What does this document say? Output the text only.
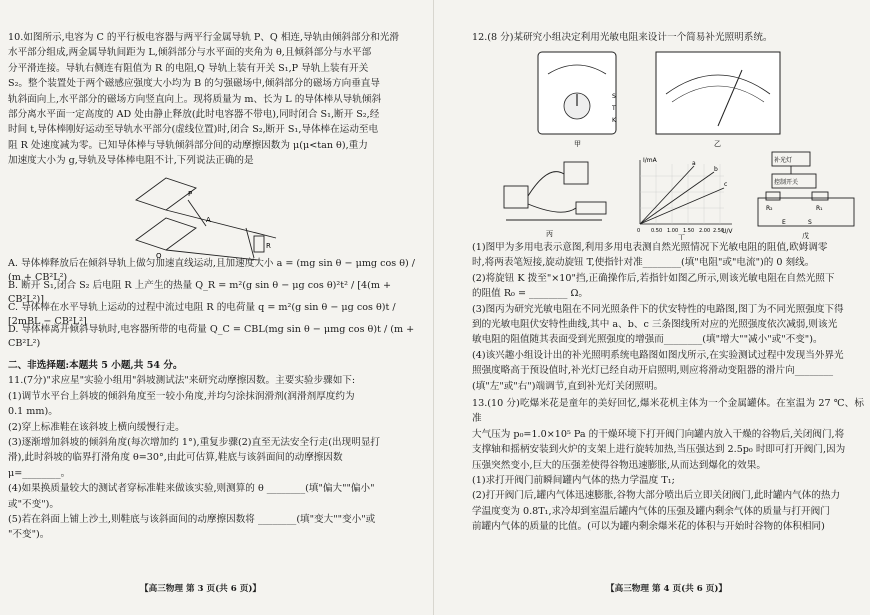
10.如图所示,电容为 C 的平行板电容器与两平行金属导轨 P、Q 相连,导轨由倾斜部分和光滑

水平部分组成,两金属导轨间距为 L,倾斜部分与水平面的夹角为 θ,且倾斜部分与水平部

分平滑连接。导轨右侧连有阻值为 R 的电阻,Q 导轨上装有开关 S₁,P 导轨上装有开关

S₂。整个装置处于两个磁感应强度大小均为 B 的匀强磁场中,倾斜部分的磁场方向垂直导

轨斜面向上,水平部分的磁场方向竖直向上。现将质量为 m、长为 L 的导体棒从导轨倾斜

部分离水平面一定高度的 AD 处由静止释放(此时电容器不带电),同时闭合 S₁,断开 S₂,经

时间 t,导体棒刚好运动至导轨水平部分(虚线位置)时,闭合 S₂,断开 S₁,导体棒在运动至电

阻 R 处速度减为零。已知导体棒与导轨倾斜部分间的动摩擦因数为 μ(μ<tan θ),重力

加速度大小为 g,导轨及导体棒电阻不计,下列说法正确的是

P
Q
A
R

A. 导体棒释放后在倾斜导轨上做匀加速直线运动,且加速度大小 a = (mg sin θ − μmg cos θ) / (m + CB²L²)

B. 断开 S₁,闭合 S₂ 后电阻 R 上产生的热量 Q_R = m²(g sin θ − μg cos θ)²t² / [4(m + CB²L²)]

C. 导体棒在水平导轨上运动的过程中流过电阻 R 的电荷量 q = m²(g sin θ − μg cos θ)t / [2mBL − CB²L²]

D. 导体棒离开倾斜导轨时,电容器所带的电荷量 Q_C = CBL(mg sin θ − μmg cos θ)t / (m + CB²L²)

二、非选择题:本题共 5 小题,共 54 分。

11.(7分)"求应星"实验小组用"斜坡测试法"来研究动摩擦因数。主要实验步骤如下:

(1)调节水平台上斜坡的倾斜角度至一较小角度,并均匀涂抹润滑剂(润滑剂厚度约为

0.1 mm)。

(2)穿上标准鞋在该斜坡上横向缓慢行走。

(3)逐渐增加斜坡的倾斜角度(每次增加约 1°),重复步骤(2)直至无法安全行走(出现明显打

滑),此时斜坡的临界打滑角度 θ=30°,由此可估算,鞋底与该斜面间的动摩擦因数

μ=________。

(4)如果换质量较大的测试者穿标准鞋来做该实验,则测算的 θ ________(填"偏大""偏小"

或"不变")。

(5)若在斜面上铺上沙土,则鞋底与该斜面间的动摩擦因数将 ________(填"变大""变小"或

"不变")。

【高三物理 第 3 页(共 6 页)】

12.(8 分)某研究小组决定利用光敏电阻来设计一个简易补光照明系统。

S
T
K
甲	乙
丙
a
b
c
I/mA
U/V
0 0.50 1.00 1.50 2.00 2.50
丁
补光灯
控制开关
R₂	R₁
E	S
戊

(1)图甲为多用电表示意图,利用多用电表测自然光照情况下光敏电阻的阻值,欧姆调零

时,将两表笔短接,旋动旋钮 T,使指针对准________(填"电阻"或"电流")的 0 刻线。

(2)将旋钮 K 拨至"×10"挡,正确操作后,若指针如图乙所示,则该光敏电阻在自然光照下

的阻值 R₀ = ________ Ω。

(3)图丙为研究光敏电阻在不同光照条件下的伏安特性的电路图,图丁为不同光照强度下得

到的光敏电阻伏安特性曲线,其中 a、b、c 三条图线所对应的光照强度依次减弱,则该光

敏电阻的阻值随其表面受到光照强度的增强而________(填"增大""减小"或"不变")。

(4)该兴趣小组设计出的补光照明系统电路图如图戊所示,在实验测试过程中发现当外界光

照强度略高于预设值时,补光灯已经自动开启照明,则应将滑动变阻器的滑片向________

(填"左"或"右")端调节,直到补光灯关闭照明。

13.(10 分)吃爆米花是童年的美好回忆,爆米花机主体为一个金属罐体。在室温为 27 ℃、标准

大气压为 p₀=1.0×10⁵ Pa 的干燥环境下打开阀门向罐内放入干燥的谷物后,关闭阀门,将

支撑轴和摇柄安装到火炉的支架上进行旋转加热,当压强达到 2.5p₀ 时即可打开阀门,因为

压强突然变小,巨大的压强差使得谷物迅速膨胀,从而达到爆化的效果。

(1)求打开阀门前瞬间罐内气体的热力学温度 T₁;

(2)打开阀门后,罐内气体迅速膨胀,谷物大部分喷出后立即关闭阀门,此时罐内气体的热力

学温度变为 0.8T₁,求冷却到室温后罐内气体的压强及罐内剩余气体的质量与打开阀门

前罐内气体的质量的比值。(可以为罐内剩余爆米花的体积与开始时谷物的体积相同)

【高三物理 第 4 页(共 6 页)】
